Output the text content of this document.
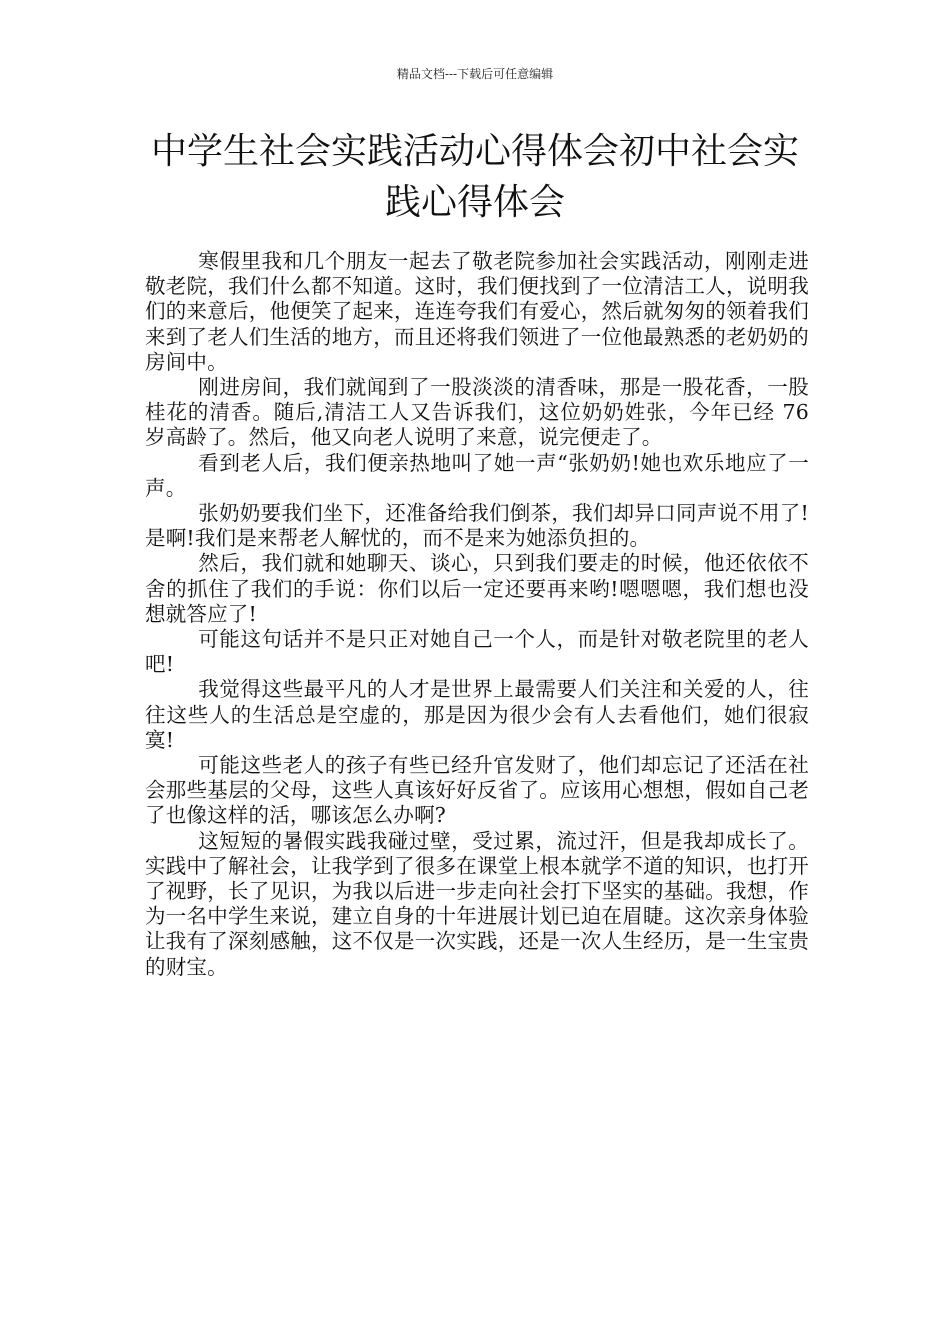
精品文档---下载后可任意编辑
中学生社会实践活动心得体会初中社会实践心得体会

寒假里我和几个朋友一起去了敬老院参加社会实践活动，刚刚走进敬老院，我们什么都不知道。这时，我们便找到了一位清洁工人，说明我们的来意后，他便笑了起来，连连夸我们有爱心，然后就匆匆的领着我们来到了老人们生活的地方，而且还将我们领进了一位他最熟悉的老奶奶的房间中。

刚进房间，我们就闻到了一股淡淡的清香味，那是一股花香，一股桂花的清香。随后,清洁工人又告诉我们，这位奶奶姓张，今年已经 76 岁高龄了。然后，他又向老人说明了来意，说完便走了。

看到老人后，我们便亲热地叫了她一声“张奶奶!她也欢乐地应了一声。

张奶奶要我们坐下，还准备给我们倒茶，我们却异口同声说不用了!是啊!我们是来帮老人解忧的，而不是来为她添负担的。

然后，我们就和她聊天、谈心，只到我们要走的时候，他还依依不舍的抓住了我们的手说：你们以后一定还要再来哟!嗯嗯嗯，我们想也没想就答应了!

可能这句话并不是只正对她自己一个人，而是针对敬老院里的老人吧!

我觉得这些最平凡的人才是世界上最需要人们关注和关爱的人，往往这些人的生活总是空虚的，那是因为很少会有人去看他们，她们很寂寞!

可能这些老人的孩子有些已经升官发财了，他们却忘记了还活在社会那些基层的父母，这些人真该好好反省了。应该用心想想，假如自己老了也像这样的活，哪该怎么办啊?

这短短的暑假实践我碰过壁，受过累，流过汗，但是我却成长了。实践中了解社会，让我学到了很多在课堂上根本就学不道的知识，也打开了视野，长了见识，为我以后进一步走向社会打下坚实的基础。我想，作为一名中学生来说，建立自身的十年进展计划已迫在眉睫。这次亲身体验让我有了深刻感触，这不仅是一次实践，还是一次人生经历，是一生宝贵的财宝。
